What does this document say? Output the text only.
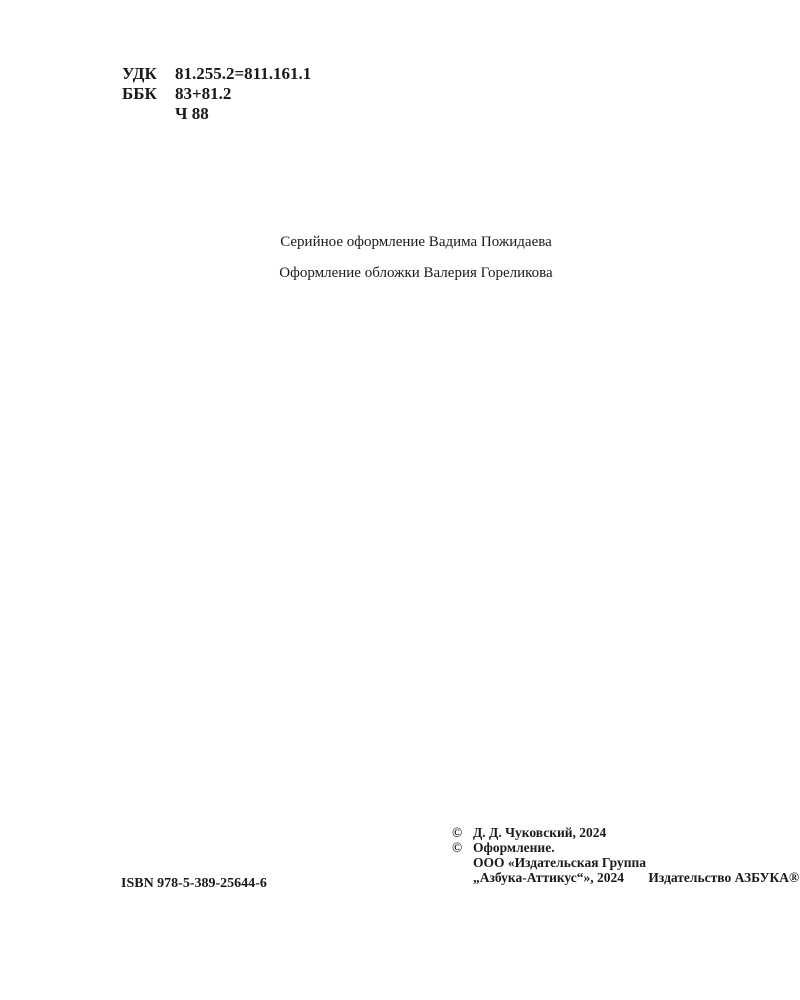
УДК	81.255.2=811.161.1
ББК	83+81.2
Ч 88
Серийное оформление Вадима Пожидаева
Оформление обложки Валерия Гореликова
ISBN 978-5-389-25644-6
© Д. Д. Чуковский, 2024
© Оформление.
ООО «Издательская Группа „Азбука-Аттикус“», 2024 Издательство АЗБУКА®
